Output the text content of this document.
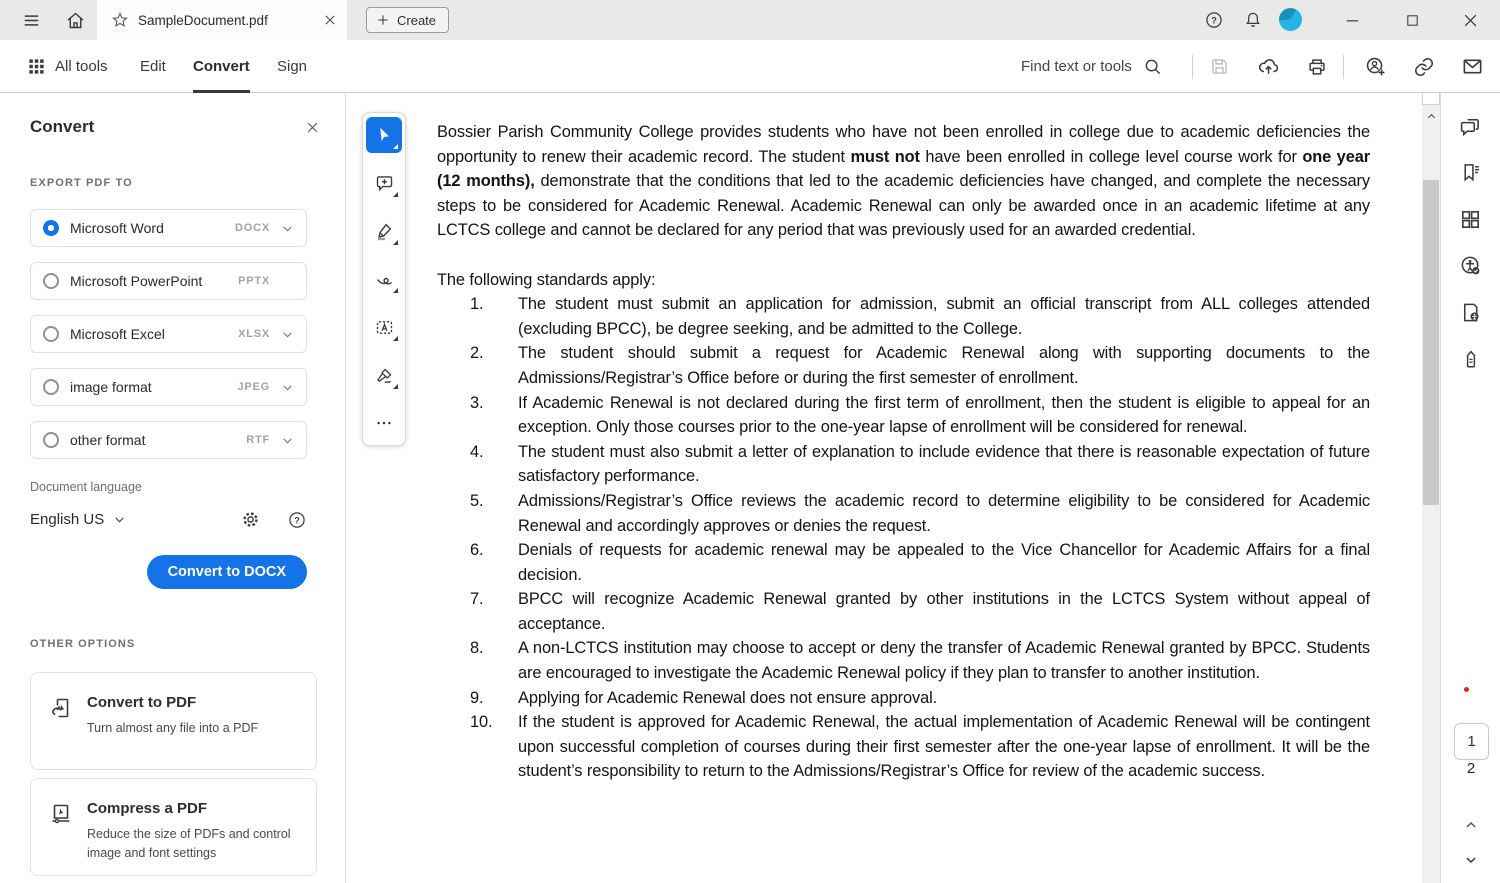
SampleDocument.pdf	Create	?
All tools Edit Convert Sign	Find text or tools
Convert
EXPORT PDF TO
Microsoft Word	DOCX
Microsoft PowerPoint	PPTX
Microsoft Excel	XLSX
image format	JPEG
other format	RTF
Document language
English US	?
Convert to DOCX
OTHER OPTIONS
Convert to PDF
Turn almost any file into a PDF
Compress a PDF
Reduce the size of PDFs and control image and font settings

Bossier Parish Community College provides students who have not been enrolled in college due to academic deficiencies the opportunity to renew their academic record. The student must not have been enrolled in college level course work for one year (12 months), demonstrate that the conditions that led to the academic deficiencies have changed, and complete the necessary steps to be considered for Academic Renewal. Academic Renewal can only be awarded once in an academic lifetime at any LCTCS college and cannot be declared for any period that was previously used for an awarded credential.

The following standards apply:
1.	The student must submit an application for admission, submit an official transcript from ALL colleges attended (excluding BPCC), be degree seeking, and be admitted to the College.
2.	The student should submit a request for Academic Renewal along with supporting documents to the Admissions/Registrar’s Office before or during the first semester of enrollment.
3.	If Academic Renewal is not declared during the first term of enrollment, then the student is eligible to appeal for an exception. Only those courses prior to the one-year lapse of enrollment will be considered for renewal.
4.	The student must also submit a letter of explanation to include evidence that there is reasonable expectation of future satisfactory performance.
5.	Admissions/Registrar’s Office reviews the academic record to determine eligibility to be considered for Academic Renewal and accordingly approves or denies the request.
6.	Denials of requests for academic renewal may be appealed to the Vice Chancellor for Academic Affairs for a final decision.
7.	BPCC will recognize Academic Renewal granted by other institutions in the LCTCS System without appeal of acceptance.
8.	A non-LCTCS institution may choose to accept or deny the transfer of Academic Renewal granted by BPCC. Students are encouraged to investigate the Academic Renewal policy if they plan to transfer to another institution.
9.	Applying for Academic Renewal does not ensure approval.
10.	If the student is approved for Academic Renewal, the actual implementation of Academic Renewal will be contingent upon successful completion of courses during their first semester after the one-year lapse of enrollment. It will be the student’s responsibility to return to the Admissions/Registrar’s Office for review of the academic success.
1
2
